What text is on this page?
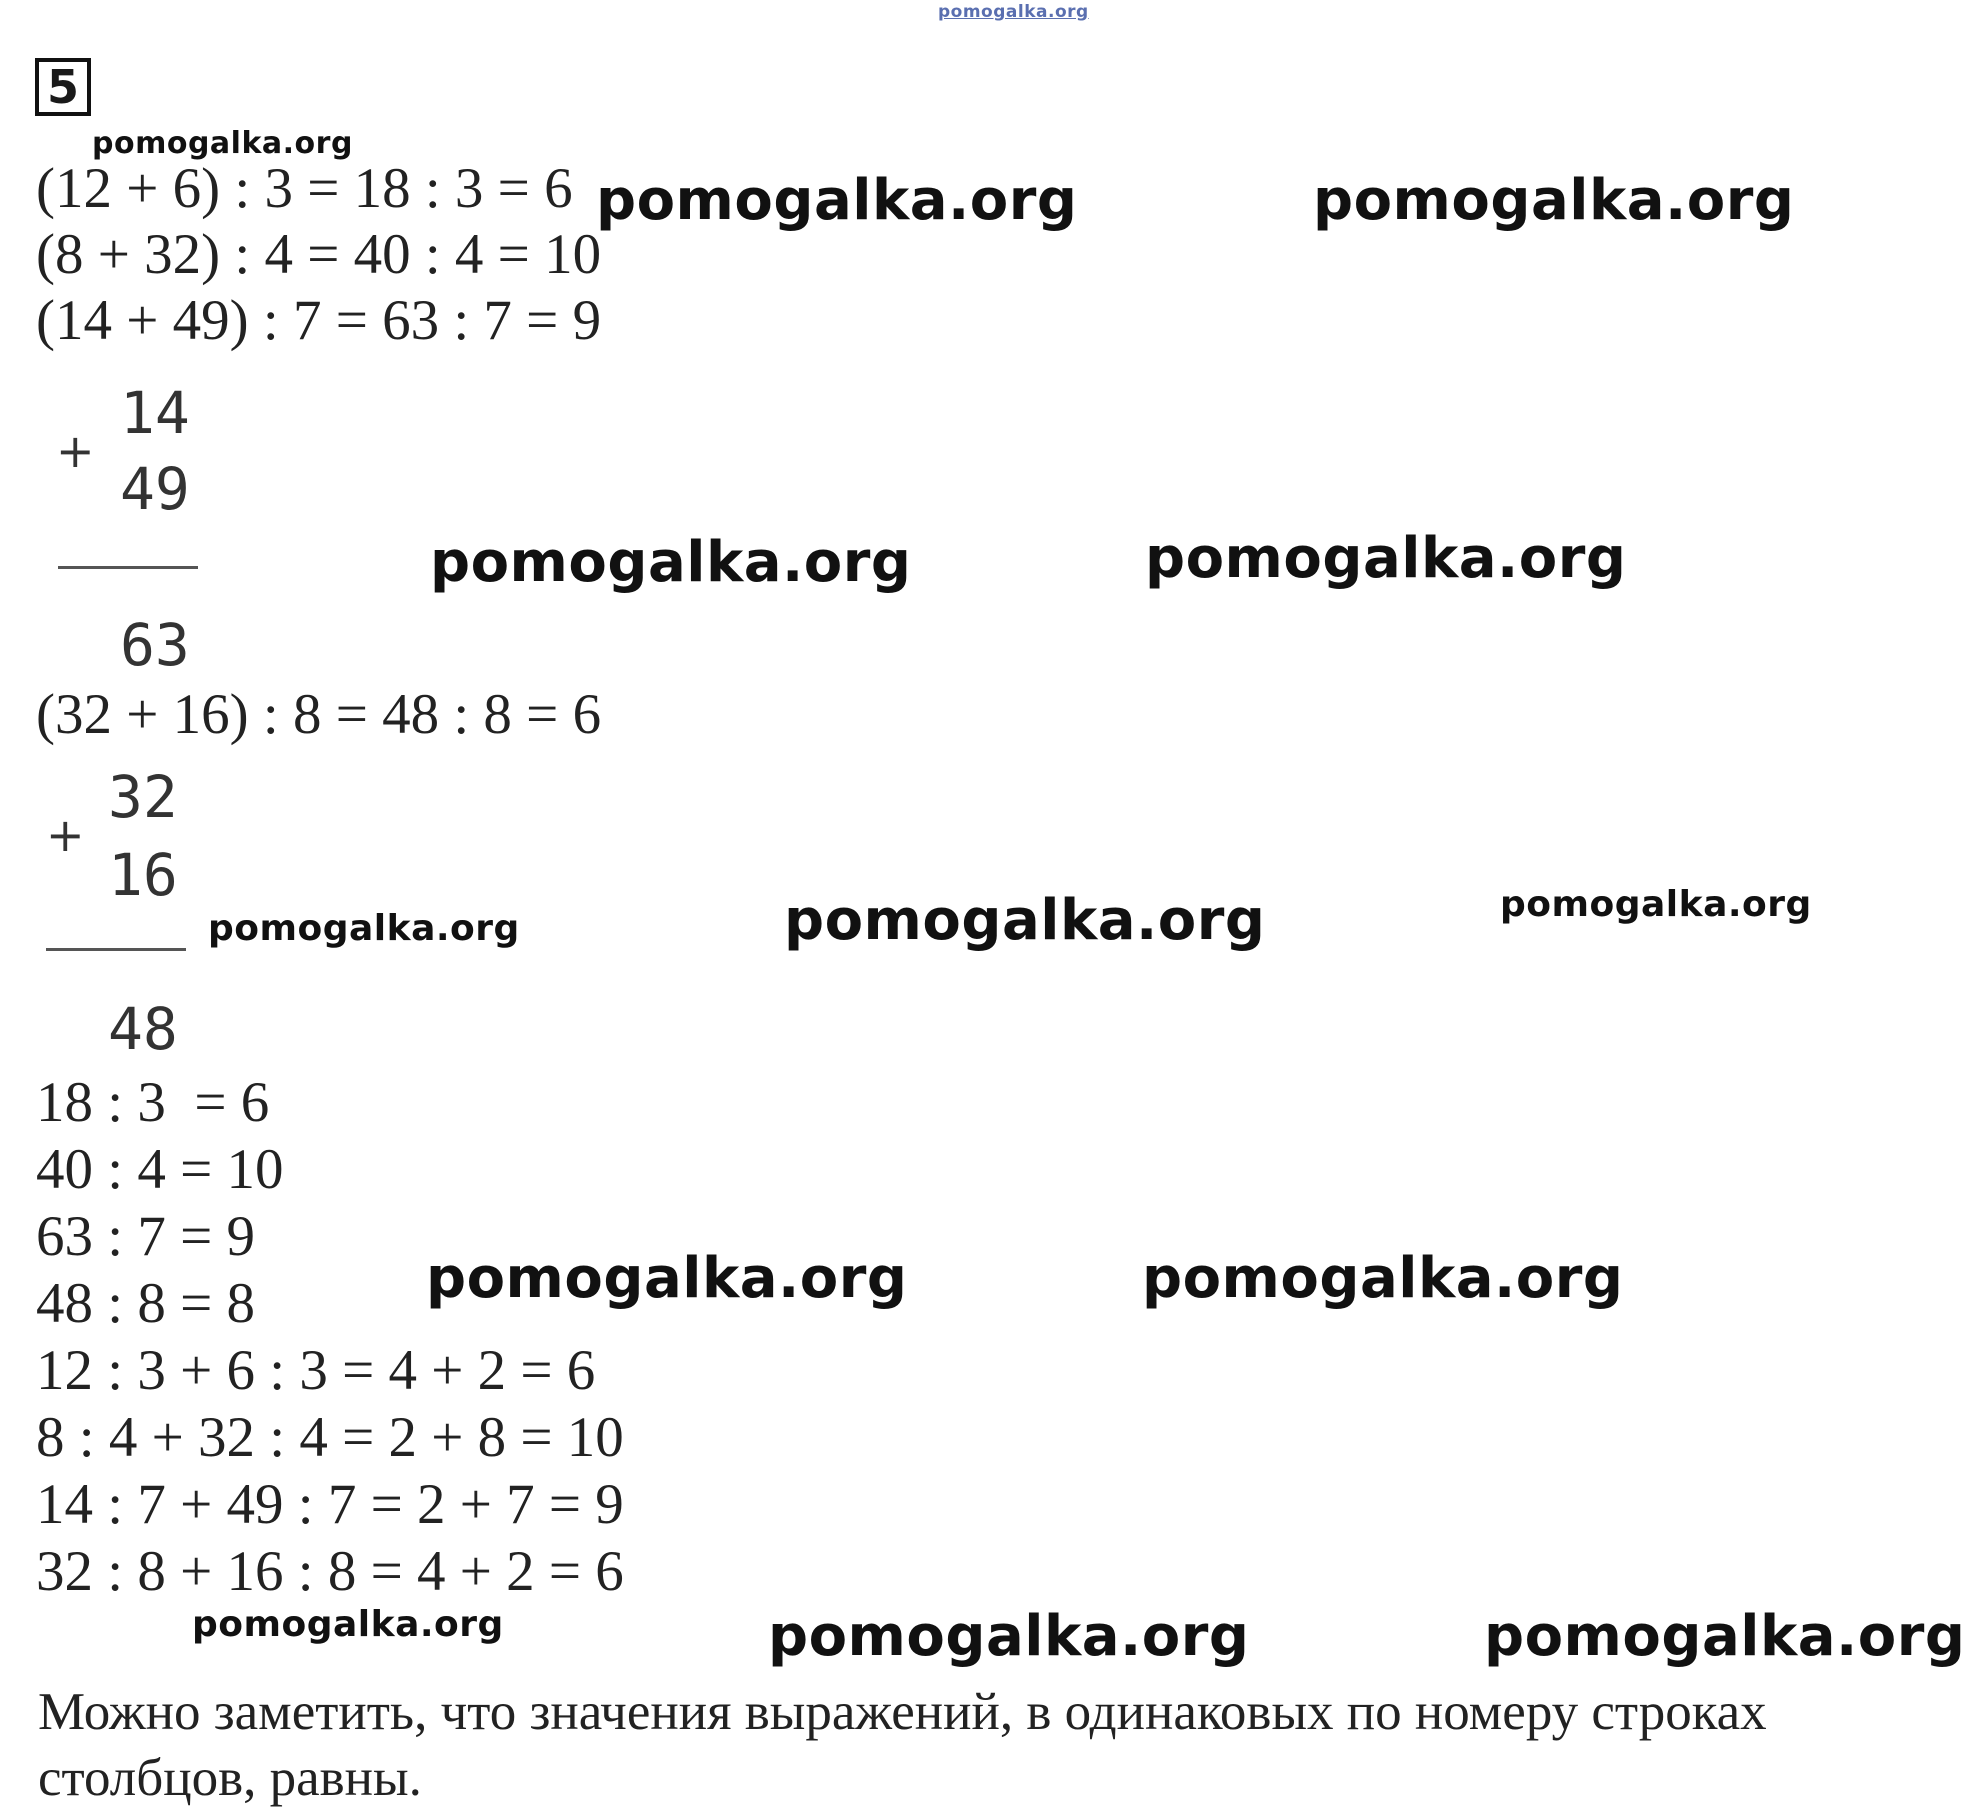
pomogalka.org
5
pomogalka.org
pomogalka.org	pomogalka.org
pomogalka.org	pomogalka.org
pomogalka.org	pomogalka.org	pomogalka.org
pomogalka.org	pomogalka.org
pomogalka.org	pomogalka.org	pomogalka.org
(12 + 6) : 3 = 18 : 3 = 6
(8 + 32) : 4 = 40 : 4 = 10
(14 + 49) : 7 = 63 : 7 = 9
+
14
49
63
(32 + 16) : 8 = 48 : 8 = 6
+
32
16
48
18 : 3  = 6
40 : 4 = 10
63 : 7 = 9
48 : 8 = 8
12 : 3 + 6 : 3 = 4 + 2 = 6
8 : 4 + 32 : 4 = 2 + 8 = 10
14 : 7 + 49 : 7 = 2 + 7 = 9
32 : 8 + 16 : 8 = 4 + 2 = 6
Можно заметить, что значения выражений, в одинаковых по номеру строках
столбцов, равны.
